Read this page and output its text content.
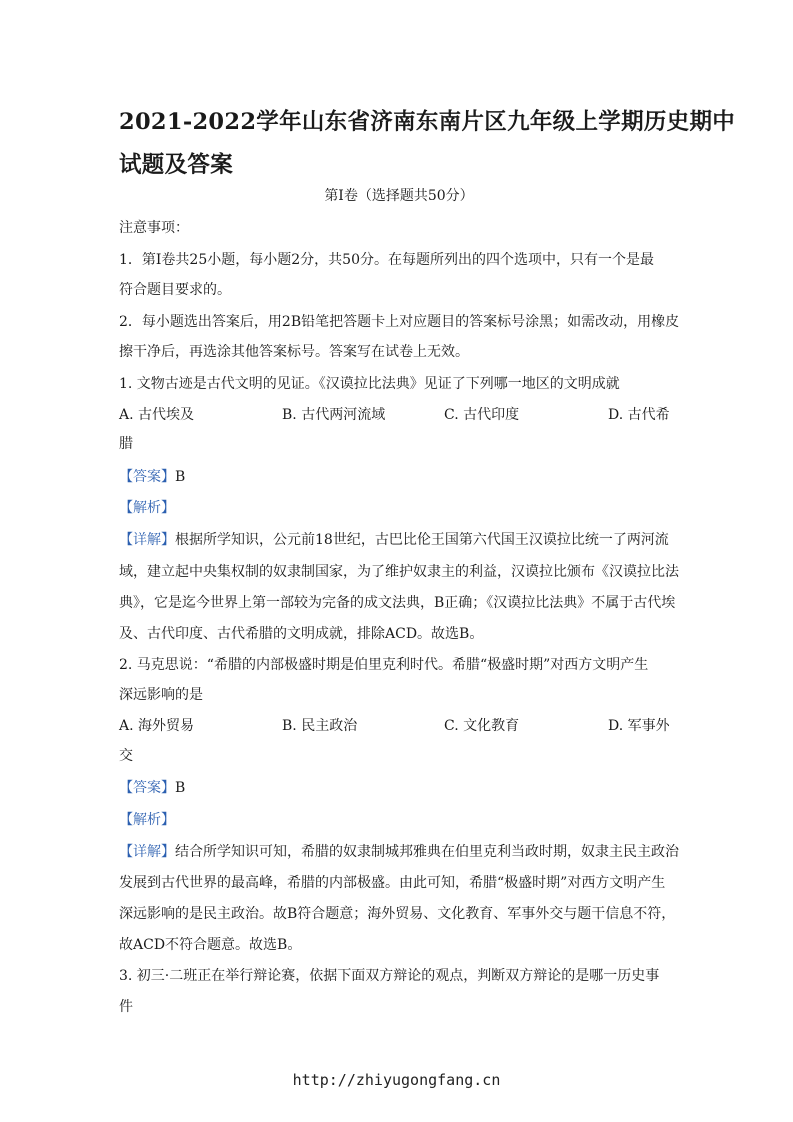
2021-2022学年山东省济南东南片区九年级上学期历史期中
试题及答案
第Ⅰ卷（选择题共50分）
注意事项：
1．第Ⅰ卷共25小题，每小题2分，共50分。在每题所列出的四个选项中，只有一个是最
符合题目要求的。
2．每小题选出答案后，用2B铅笔把答题卡上对应题目的答案标号涂黑；如需改动，用橡皮
擦干净后，再选涂其他答案标号。答案写在试卷上无效。
1. 文物古迹是古代文明的见证。《汉谟拉比法典》见证了下列哪一地区的文明成就
A. 古代埃及	B. 古代两河流域	C. 古代印度	D. 古代希
腊
【答案】B
【解析】
【详解】根据所学知识，公元前18世纪，古巴比伦王国第六代国王汉谟拉比统一了两河流
域，建立起中央集权制的奴隶制国家，为了维护奴隶主的利益，汉谟拉比颁布《汉谟拉比法
典》，它是迄今世界上第一部较为完备的成文法典，B正确；《汉谟拉比法典》不属于古代埃
及、古代印度、古代希腊的文明成就，排除ACD。故选B。
2. 马克思说：“希腊的内部极盛时期是伯里克利时代。希腊“极盛时期”对西方文明产生
深远影响的是
A. 海外贸易	B. 民主政治	C. 文化教育	D. 军事外
交
【答案】B
【解析】
【详解】结合所学知识可知，希腊的奴隶制城邦雅典在伯里克利当政时期，奴隶主民主政治
发展到古代世界的最高峰，希腊的内部极盛。由此可知，希腊“极盛时期”对西方文明产生
深远影响的是民主政治。故B符合题意；海外贸易、文化教育、军事外交与题干信息不符，
故ACD不符合题意。故选B。
3. 初三·二班正在举行辩论赛，依据下面双方辩论的观点，判断双方辩论的是哪一历史事
件
http://zhiyugongfang.cn
